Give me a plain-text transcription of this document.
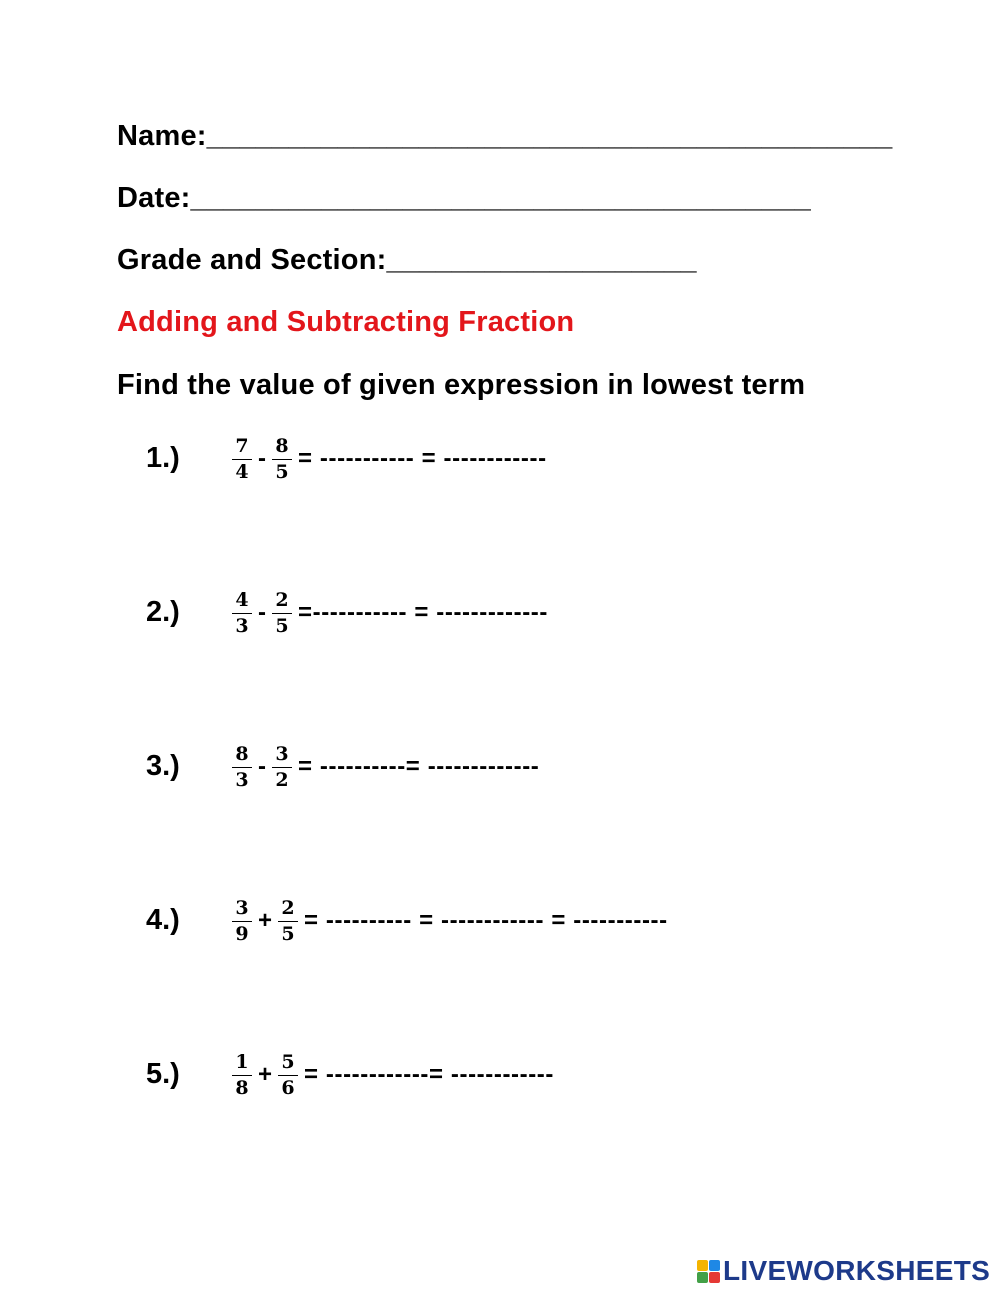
Name:__________________________________________
Date:______________________________________
Grade and Section:___________________
Adding and Subtracting Fraction
Find the value of given expression in lowest term
1.)	$\frac{7}{4} - \frac{8}{5}$ = ----------- = ------------
2.)	$\frac{4}{3} - \frac{2}{5}$ =----------- = -------------
3.)	$\frac{8}{3} - \frac{3}{2}$ = ----------= -------------
4.)	$\frac{3}{9} + \frac{2}{5}$ = ---------- = ------------ = -----------
5.)	$\frac{1}{8} + \frac{5}{6}$ = ------------= ------------
LIVEWORKSHEETS
